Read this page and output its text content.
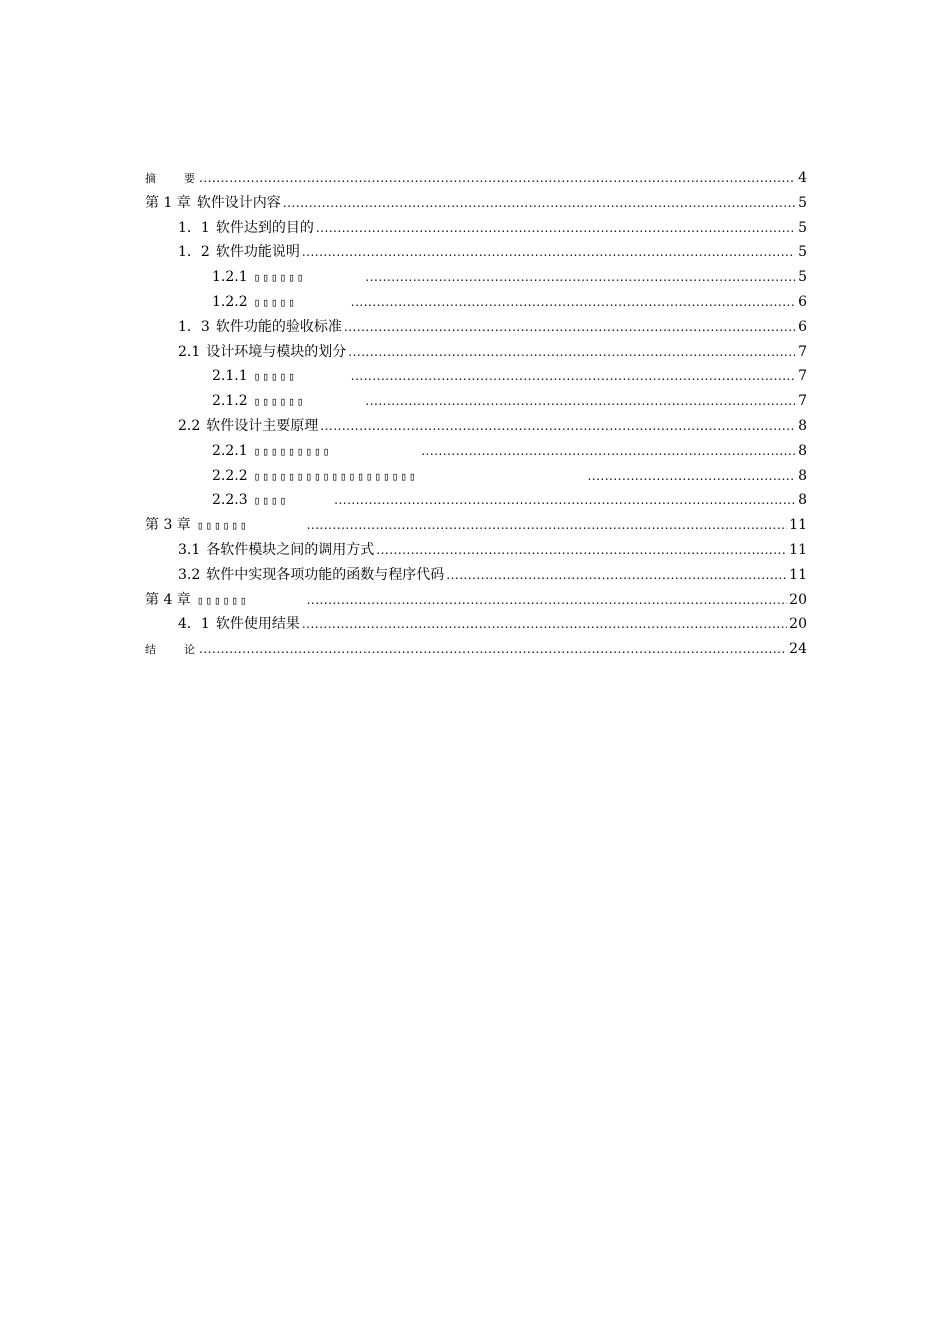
摘　　要 .....	4
第 1 章 软件设计内容 .....	5
1．1 软件达到的目的 .....	5
1．2 软件功能说明 .....	5
1.2.1 ▯▯▯▯▯▯ .....	5
1.2.2 ▯▯▯▯▯ .....	6
1．3 软件功能的验收标准 .....	6
2.1 设计环境与模块的划分 .....	7
2.1.1 ▯▯▯▯▯ .....	7
2.1.2 ▯▯▯▯▯▯ .....	7
2.2 软件设计主要原理 .....	8
2.2.1 ▯▯▯▯▯▯▯▯▯ .....	8
2.2.2 ▯▯▯▯▯▯▯▯▯▯▯▯▯▯▯▯▯▯▯ .....	8
2.2.3 ▯▯▯▯ .....	8
第 3 章 ▯▯▯▯▯▯ .....	11
3.1 各软件模块之间的调用方式 .....	11
3.2 软件中实现各项功能的函数与程序代码 .....	11
第 4 章 ▯▯▯▯▯▯ .....	20
4．1 软件使用结果 .....	20
结　　论 .....	24
